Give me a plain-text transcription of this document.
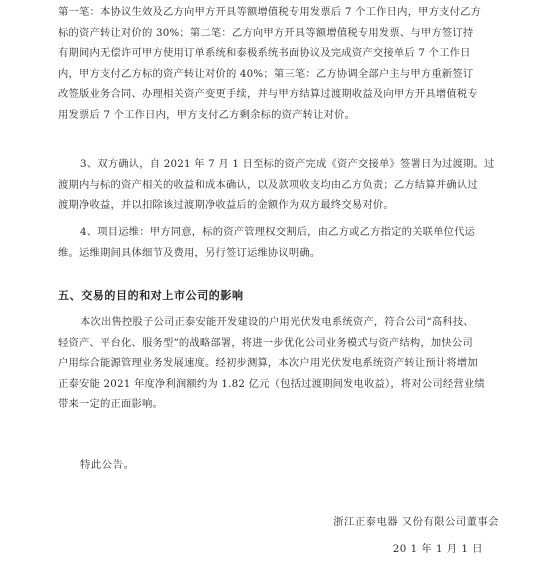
第一笔：本协议生效及乙方向甲方开具等额增值税专用发票后 7 个工作日内，甲方支付乙方
标的资产转让对价的 30%；第二笔：乙方向甲方开具等额增值税专用发票、与甲方签订持
有期间内无偿许可甲方使用订单系统和泰极系统书面协议及完成资产交接单后 7 个工作日
内，甲方支付乙方标的资产转让对价的 40%；第三笔：乙方协调全部户主与甲方重新签订
改签版业务合同、办理相关资产变更手续，并与甲方结算过渡期收益及向甲方开具增值税专
用发票后 7 个工作日内，甲方支付乙方剩余标的资产转让对价。
3、双方确认，自 2021 年 7 月 1 日至标的资产完成《资产交接单》签署日为过渡期。过
渡期内与标的资产相关的收益和成本确认，以及款项收支均由乙方负责；乙方结算并确认过
渡期净收益，并以扣除该过渡期净收益后的金额作为双方最终交易对价。
4、项目运维：甲方同意，标的资产管理权交割后，由乙方或乙方指定的关联单位代运
维。运维期间具体细节及费用，另行签订运维协议明确。
五、交易的目的和对上市公司的影响
本次出售控股子公司正泰安能开发建设的户用光伏发电系统资产，符合公司“高科技、
轻资产、平台化、服务型”的战略部署，将进一步优化公司业务模式与资产结构，加快公司
户用综合能源管理业务发展速度。经初步测算，本次户用光伏发电系统资产转让预计将增加
正泰安能 2021 年度净利润额约为 1.82 亿元（包括过渡期间发电收益），将对公司经营业绩
带来一定的正面影响。
特此公告。
浙江正泰电器 又份有限公司董事会
20 1 年 1 月 1 日
